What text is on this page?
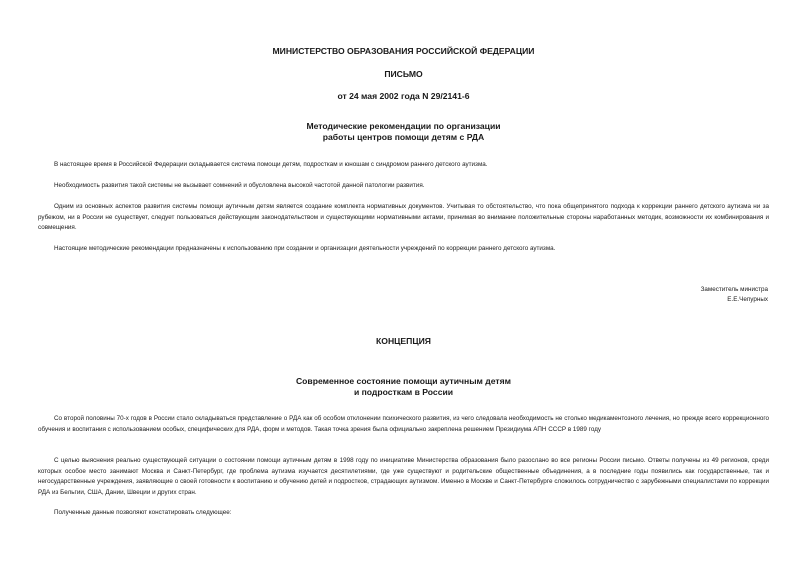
МИНИСТЕРСТВО ОБРАЗОВАНИЯ РОССИЙСКОЙ ФЕДЕРАЦИИ
ПИСЬМО
от 24 мая 2002 года N 29/2141-6
Методические рекомендации по организации
работы центров помощи детям с РДА
В настоящее время в Российской Федерации складывается система помощи детям, подросткам и юношам с синдромом раннего детского аутизма.
Необходимость развития такой системы не вызывает сомнений и обусловлена высокой частотой данной патологии развития.
Одним из основных аспектов развития системы помощи аутичным детям является создание комплекта нормативных документов. Учитывая то обстоятельство, что пока общепринятого подхода к коррекции раннего детского аутизма ни за рубежом, ни в России не существует, следует пользоваться действующим законодательством и существующими нормативными актами, принимая во внимание положительные стороны наработанных методик, возможности их комбинирования и совмещения.
Настоящие методические рекомендации предназначены к использованию при создании и организации деятельности учреждений по коррекции раннего детского аутизма.
Заместитель министра
Е.Е.Чепурных
КОНЦЕПЦИЯ
Современное состояние помощи аутичным детям
и подросткам в России
Со второй половины 70-х годов в России стало складываться представление о РДА как об особом отклонении психического развития, из чего следовала необходимость не столько медикаментозного лечения, но прежде всего коррекционного обучения и воспитания с использованием особых, специфических для РДА, форм и методов. Такая точка зрения была официально закреплена решением Президиума АПН СССР в 1989 году
С целью выяснения реально существующей ситуации о состоянии помощи аутичным детям в 1998 году по инициативе Министерства образования было разослано во все регионы России письмо. Ответы получены из 49 регионов, среди которых особое место занимают Москва и Санкт-Петербург, где проблема аутизма изучается десятилетиями, где уже существуют и родительские общественные объединения, а в последние годы появились как государственные, так и негосударственные учреждения, заявляющие о своей готовности к воспитанию и обучению детей и подростков, страдающих аутизмом. Именно в Москве и Санкт-Петербурге сложилось сотрудничество с зарубежными специалистами по коррекции РДА из Бельгии, США, Дании, Швеции и других стран.
Полученные данные позволяют констатировать следующее:
